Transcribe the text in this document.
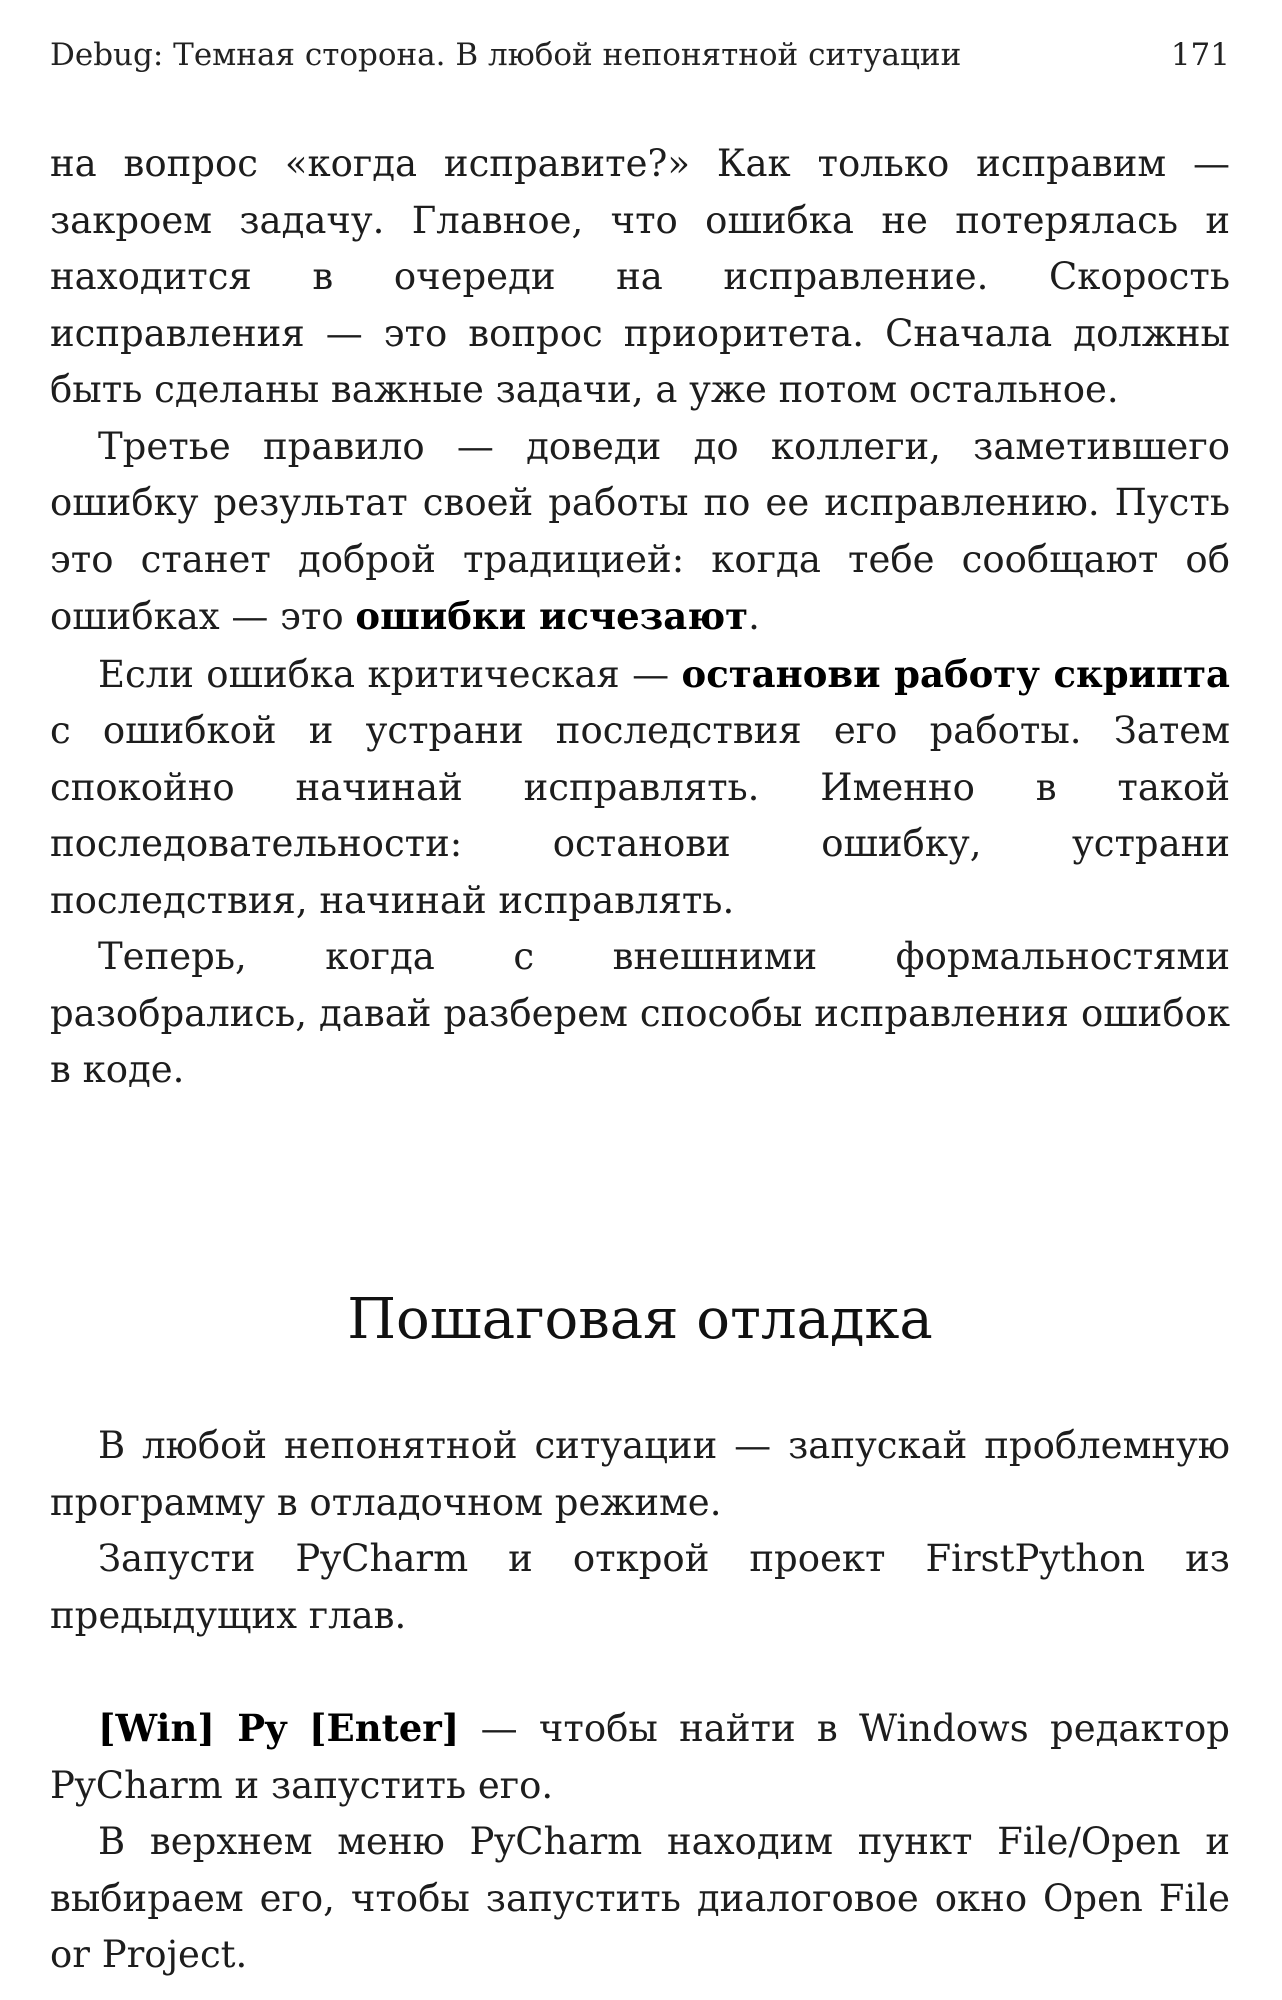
Debug: Темная сторона. В любой непонятной ситуации	171

на вопрос «когда исправите?» Как только исправим — закроем задачу. Главное, что ошибка не потерялась и находится в очереди на исправление. Скорость исправления — это вопрос приоритета. Сначала должны быть сделаны важные задачи, а уже потом остальное.

Третье правило — доведи до коллеги, заметившего ошибку результат своей работы по ее исправлению. Пусть это станет доброй традицией: когда тебе сообщают об ошибках — это ошибки исчезают.

Если ошибка критическая — останови работу скрипта с ошибкой и устрани последствия его работы. Затем спокойно начинай исправлять. Именно в такой последовательности: останови ошибку, устрани последствия, начинай исправлять.

Теперь, когда с внешними формальностями разобрались, давай разберем способы исправления ошибок в коде.

Пошаговая отладка

В любой непонятной ситуации — запускай проблемную программу в отладочном режиме.

Запусти PyCharm и открой проект FirstPython из предыдущих глав.

[Win] Py [Enter] — чтобы найти в Windows редактор PyCharm и запустить его.

В верхнем меню PyCharm находим пункт File/Open и выбираем его, чтобы запустить диалоговое окно Open File or Project.
